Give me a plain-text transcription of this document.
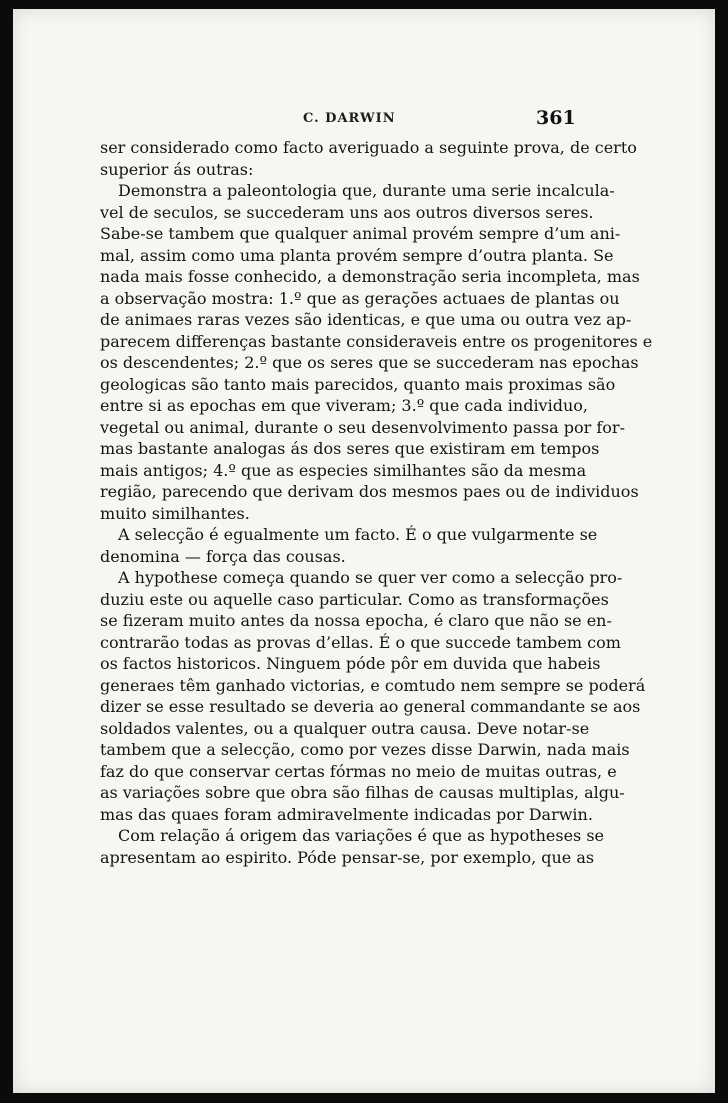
C. DARWIN	361
ser considerado como facto averiguado a seguinte prova, de certo
superior ás outras:
Demonstra a paleontologia que, durante uma serie incalcula-
vel de seculos, se succederam uns aos outros diversos seres.
Sabe-se tambem que qualquer animal provém sempre d’um ani-
mal, assim como uma planta provém sempre d’outra planta. Se
nada mais fosse conhecido, a demonstração seria incompleta, mas
a observação mostra: 1.º que as gerações actuaes de plantas ou
de animaes raras vezes são identicas, e que uma ou outra vez ap-
parecem differenças bastante consideraveis entre os progenitores e
os descendentes; 2.º que os seres que se succederam nas epochas
geologicas são tanto mais parecidos, quanto mais proximas são
entre si as epochas em que viveram; 3.º que cada individuo,
vegetal ou animal, durante o seu desenvolvimento passa por for-
mas bastante analogas ás dos seres que existiram em tempos
mais antigos; 4.º que as especies similhantes são da mesma
região, parecendo que derivam dos mesmos paes ou de individuos
muito similhantes.
A selecção é egualmente um facto. É o que vulgarmente se
denomina — força das cousas.
A hypothese começa quando se quer ver como a selecção pro-
duziu este ou aquelle caso particular. Como as transformações
se fizeram muito antes da nossa epocha, é claro que não se en-
contrarão todas as provas d’ellas. É o que succede tambem com
os factos historicos. Ninguem póde pôr em duvida que habeis
generaes têm ganhado victorias, e comtudo nem sempre se poderá
dizer se esse resultado se deveria ao general commandante se aos
soldados valentes, ou a qualquer outra causa. Deve notar-se
tambem que a selecção, como por vezes disse Darwin, nada mais
faz do que conservar certas fórmas no meio de muitas outras, e
as variações sobre que obra são filhas de causas multiplas, algu-
mas das quaes foram admiravelmente indicadas por Darwin.
Com relação á origem das variações é que as hypotheses se
apresentam ao espirito. Póde pensar-se, por exemplo, que as
